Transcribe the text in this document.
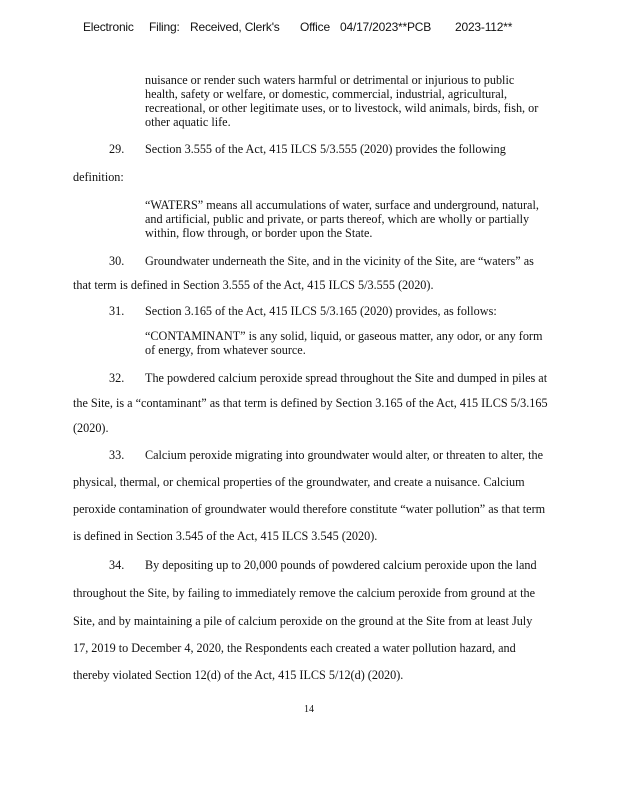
Electronic Filing: Received, Clerk's Office 04/17/2023**PCB 2023-112**
nuisance or render such waters harmful or detrimental or injurious to public
health, safety or welfare, or domestic, commercial, industrial, agricultural,
recreational, or other legitimate uses, or to livestock, wild animals, birds, fish, or
other aquatic life.
29. Section 3.555 of the Act, 415 ILCS 5/3.555 (2020) provides the following
definition:
“WATERS” means all accumulations of water, surface and underground, natural,
and artificial, public and private, or parts thereof, which are wholly or partially
within, flow through, or border upon the State.
30. Groundwater underneath the Site, and in the vicinity of the Site, are “waters” as
that term is defined in Section 3.555 of the Act, 415 ILCS 5/3.555 (2020).
31. Section 3.165 of the Act, 415 ILCS 5/3.165 (2020) provides, as follows:
“CONTAMINANT” is any solid, liquid, or gaseous matter, any odor, or any form
of energy, from whatever source.
32. The powdered calcium peroxide spread throughout the Site and dumped in piles at
the Site, is a “contaminant” as that term is defined by Section 3.165 of the Act, 415 ILCS 5/3.165
(2020).
33. Calcium peroxide migrating into groundwater would alter, or threaten to alter, the
physical, thermal, or chemical properties of the groundwater, and create a nuisance. Calcium
peroxide contamination of groundwater would therefore constitute “water pollution” as that term
is defined in Section 3.545 of the Act, 415 ILCS 3.545 (2020).
34. By depositing up to 20,000 pounds of powdered calcium peroxide upon the land
throughout the Site, by failing to immediately remove the calcium peroxide from ground at the
Site, and by maintaining a pile of calcium peroxide on the ground at the Site from at least July
17, 2019 to December 4, 2020, the Respondents each created a water pollution hazard, and
thereby violated Section 12(d) of the Act, 415 ILCS 5/12(d) (2020).
14
